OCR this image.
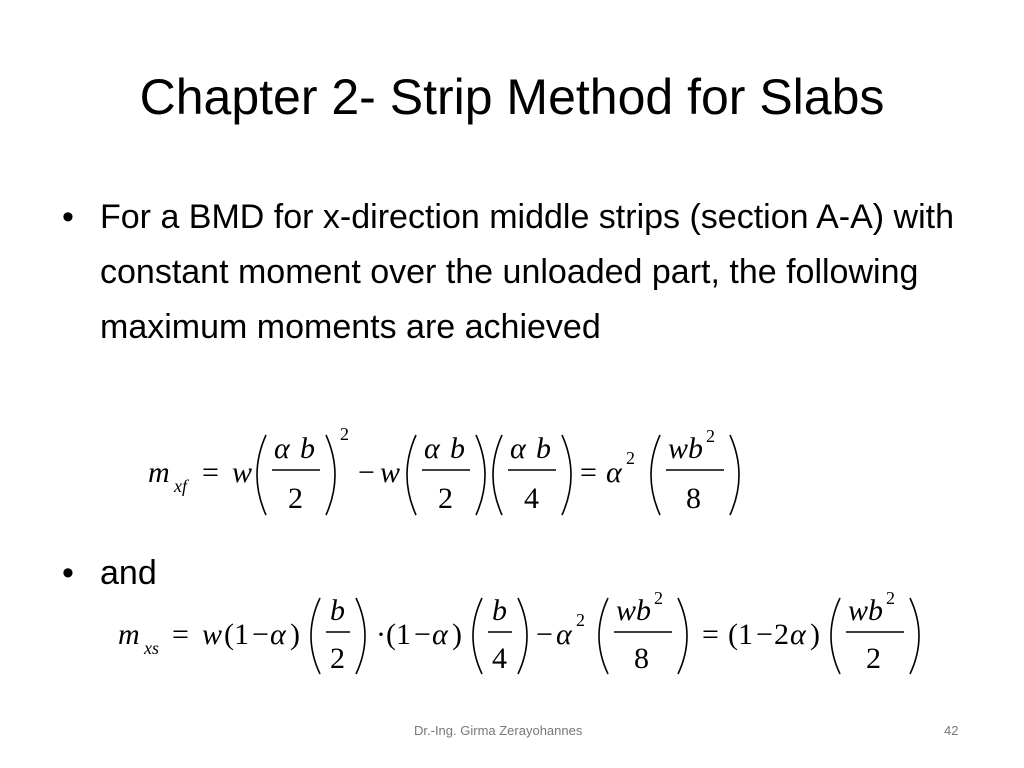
Chapter 2- Strip Method for Slabs
• For a BMD for x-direction middle strips (section A-A) with constant moment over the unloaded part, the following maximum moments are achieved
m xf = w
α b
2
2
− w
α b
2
α b
4
= α 2 wb 2
8
• and
m xs = w ( 1 − α )
b
2
· ( 1 − α )
b
4
− α 2 wb 2
8
= ( 1 − 2 α )
wb 2
2
Dr.-Ing. Girma Zerayohannes	42
